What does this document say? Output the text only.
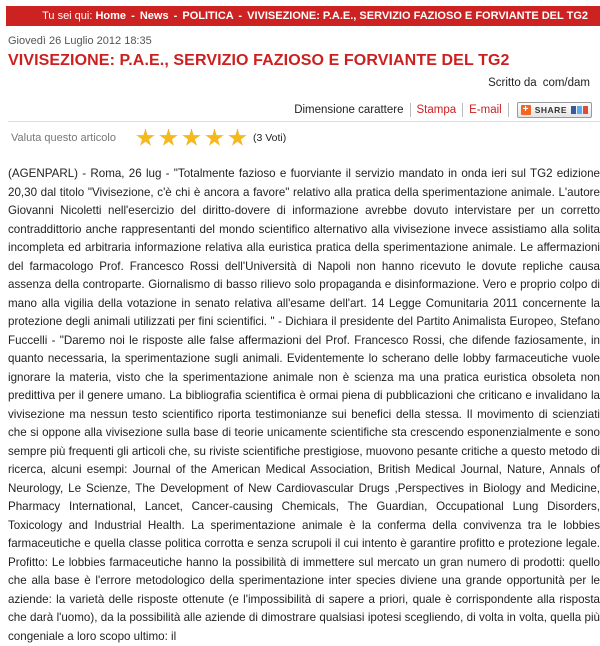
Tu sei qui: Home - News - POLITICA - VIVISEZIONE: P.A.E., SERVIZIO FAZIOSO E FORVIANTE DEL TG2
Giovedì 26 Luglio 2012 18:35
VIVISEZIONE: P.A.E., SERVIZIO FAZIOSO E FORVIANTE DEL TG2
Scritto da com/dam
Dimensione carattere Stampa E-mail + SHARE
Valuta questo articolo	(3 Voti)

(AGENPARL) - Roma, 26 lug - "Totalmente fazioso e fuorviante il servizio mandato in onda ieri sul TG2 edizione 20,30 dal titolo "Vivisezione, c'è chi è ancora a favore" relativo alla pratica della sperimentazione animale. L'autore Giovanni Nicoletti nell'esercizio del diritto-dovere di informazione avrebbe dovuto intervistare per un corretto contraddittorio anche rappresentanti del mondo scientifico alternativo alla vivisezione invece assistiamo alla solita incompleta ed arbitraria informazione relativa alla euristica pratica della sperimentazione animale. Le affermazioni del farmacologo Prof. Francesco Rossi dell'Università di Napoli non hanno ricevuto le dovute repliche causa assenza della controparte. Giornalismo di basso rilievo solo propaganda e disinformazione. Vero e proprio colpo di mano alla vigilia della votazione in senato relativa all'esame dell'art. 14 Legge Comunitaria 2011 concernente la protezione degli animali utilizzati per fini scientifici. " - Dichiara il presidente del Partito Animalista Europeo, Stefano Fuccelli - "Daremo noi le risposte alle false affermazioni del Prof. Francesco Rossi, che difende faziosamente, in quanto necessaria, la sperimentazione sugli animali. Evidentemente lo scherano delle lobby farmaceutiche vuole ignorare la materia, visto che la sperimentazione animale non è scienza ma una pratica euristica obsoleta non predittiva per il genere umano. La bibliografia scientifica è ormai piena di pubblicazioni che criticano e invalidano la vivisezione ma nessun testo scientifico riporta testimonianze sui benefici della stessa. Il movimento di scienziati che si oppone alla vivisezione sulla base di teorie unicamente scientifiche sta crescendo esponenzialmente e sono sempre più frequenti gli articoli che, su riviste scientifiche prestigiose, muovono pesante critiche a questo metodo di ricerca, alcuni esempi: Journal of the American Medical Association, British Medical Journal, Nature, Annals of Neurology, Le Scienze, The Development of New Cardiovascular Drugs ,Perspectives in Biology and Medicine, Pharmacy International, Lancet, Cancer-causing Chemicals, The Guardian, Occupational Lung Disorders, Toxicology and Industrial Health. La sperimentazione animale è la conferma della convivenza tra le lobbies farmaceutiche e quella classe politica corrotta e senza scrupoli il cui intento è garantire profitto e protezione legale. Profitto: Le lobbies farmaceutiche hanno la possibilità di immettere sul mercato un gran numero di prodotti: quello che alla base è l'errore metodologico della sperimentazione inter species diviene una grande opportunità per le aziende: la varietà delle risposte ottenute (e l'impossibilità di sapere a priori, quale è corrispondente alla risposta che darà l'uomo), da la possibilità alle aziende di dimostrare qualsiasi ipotesi scegliendo, di volta in volta, quella più congeniale a loro scopo ultimo: il
